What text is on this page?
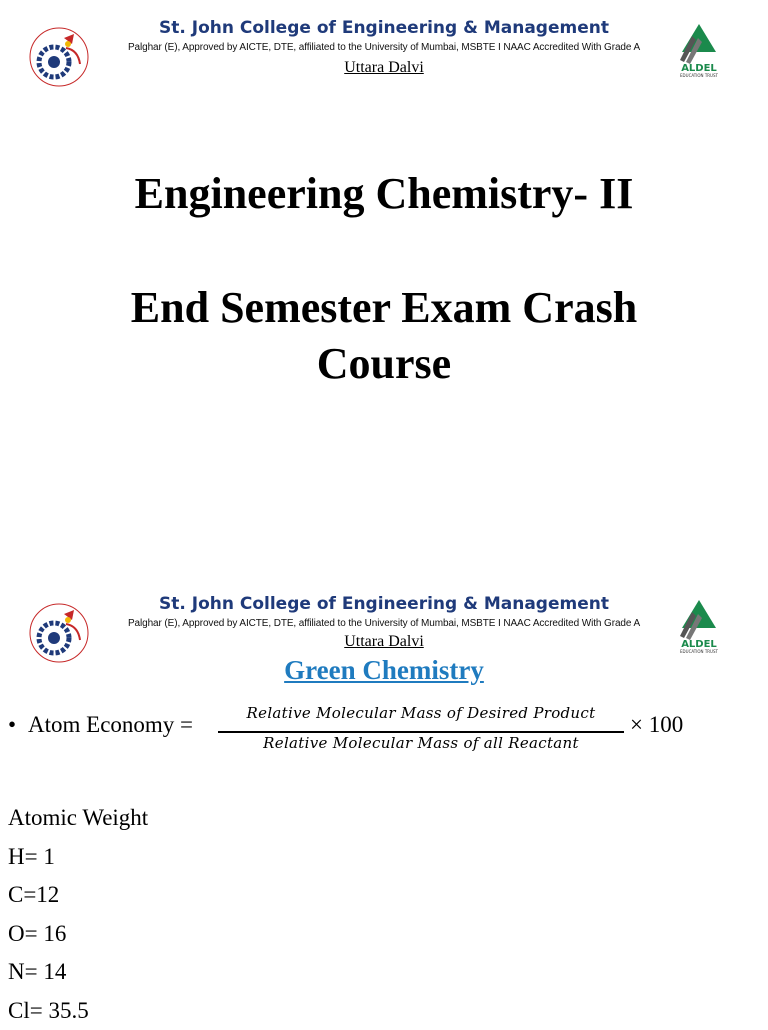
St. John College of Engineering & Management
Palghar (E), Approved by AICTE, DTE, affiliated to the University of Mumbai, MSBTE I NAAC Accredited With Grade A
Uttara Dalvi	ALDEL
EDUCATION TRUST
Engineering Chemistry- II
End Semester Exam Crash
Course
St. John College of Engineering & Management
Palghar (E), Approved by AICTE, DTE, affiliated to the University of Mumbai, MSBTE I NAAC Accredited With Grade A
Uttara Dalvi	ALDEL
EDUCATION TRUST
Green Chemistry
• Atom Economy =	Relative Molecular Mass of Desired Product
Relative Molecular Mass of all Reactant
× 100
Atomic Weight
H= 1
C=12
O= 16
N= 14
Cl= 35.5
